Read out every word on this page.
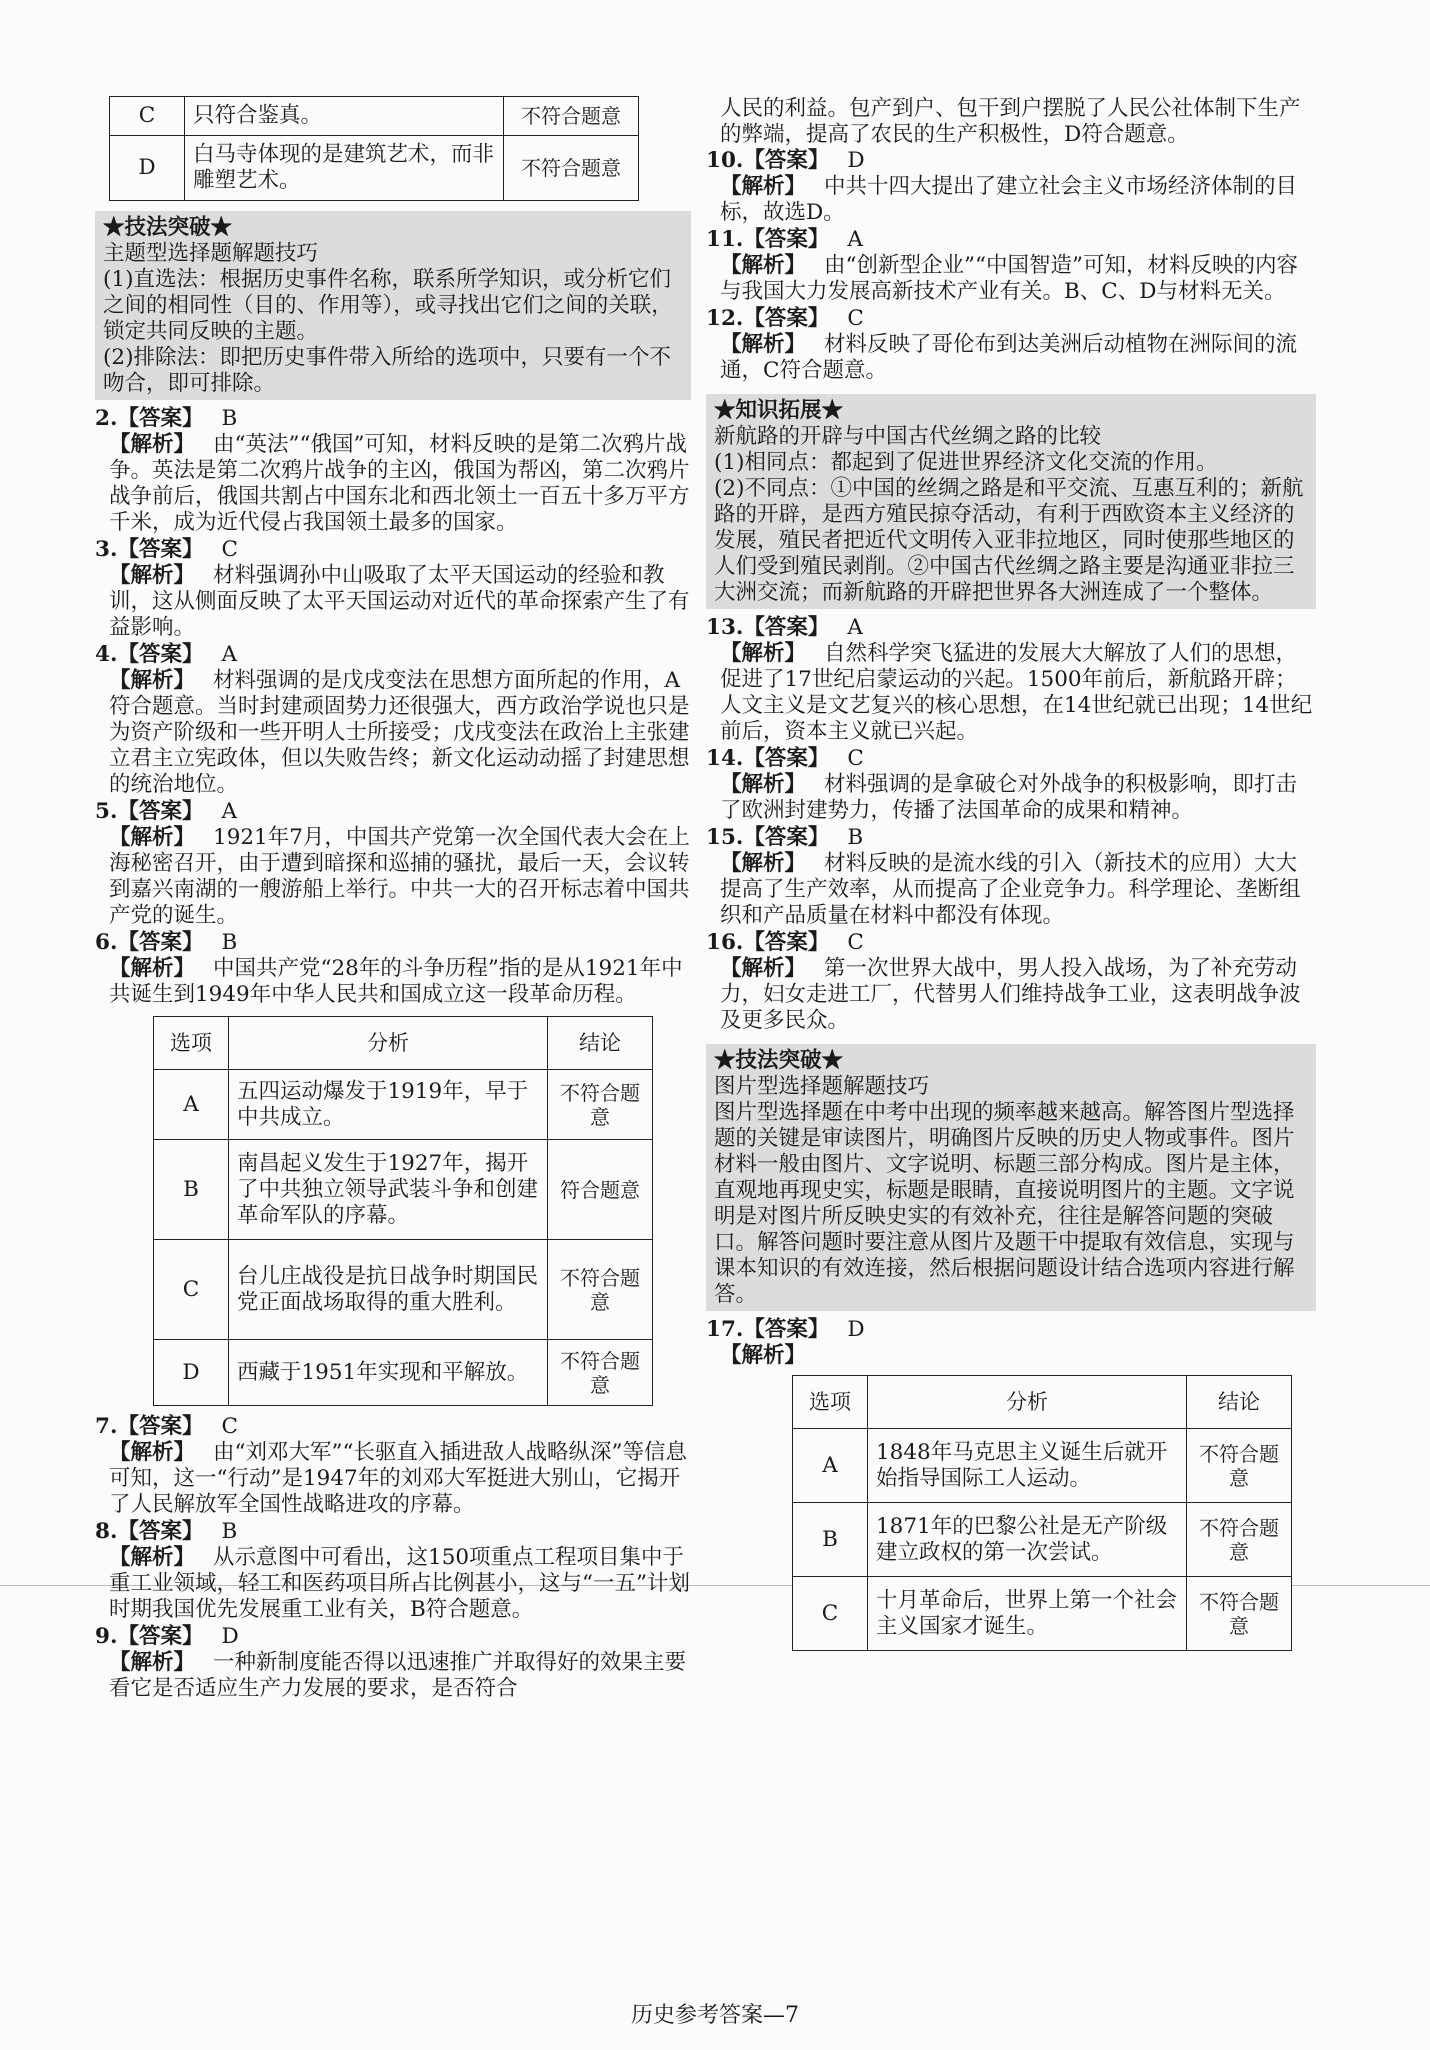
C	只符合鉴真。	不符合题意
D	白马寺体现的是建筑艺术，而非雕塑艺术。	不符合题意

★技法突破★

主题型选择题解题技巧

(1)直选法：根据历史事件名称，联系所学知识，或分析它们之间的相同性（目的、作用等），或寻找出它们之间的关联，锁定共同反映的主题。

(2)排除法：即把历史事件带入所给的选项中，只要有一个不吻合，即可排除。

2.【答案】 B

【解析】 由“英法”“俄国”可知，材料反映的是第二次鸦片战争。英法是第二次鸦片战争的主凶，俄国为帮凶，第二次鸦片战争前后，俄国共割占中国东北和西北领土一百五十多万平方千米，成为近代侵占我国领土最多的国家。

3.【答案】 C

【解析】 材料强调孙中山吸取了太平天国运动的经验和教训，这从侧面反映了太平天国运动对近代的革命探索产生了有益影响。

4.【答案】 A

【解析】 材料强调的是戊戌变法在思想方面所起的作用，A符合题意。当时封建顽固势力还很强大，西方政治学说也只是为资产阶级和一些开明人士所接受；戊戌变法在政治上主张建立君主立宪政体，但以失败告终；新文化运动动摇了封建思想的统治地位。

5.【答案】 A

【解析】 1921年7月，中国共产党第一次全国代表大会在上海秘密召开，由于遭到暗探和巡捕的骚扰，最后一天，会议转到嘉兴南湖的一艘游船上举行。中共一大的召开标志着中国共产党的诞生。

6.【答案】 B

【解析】 中国共产党“28年的斗争历程”指的是从1921年中共诞生到1949年中华人民共和国成立这一段革命历程。

选项	分析	结论
A	五四运动爆发于1919年，早于中共成立。	不符合题意
B	南昌起义发生于1927年，揭开了中共独立领导武装斗争和创建革命军队的序幕。	符合题意
C	台儿庄战役是抗日战争时期国民党正面战场取得的重大胜利。	不符合题意
D	西藏于1951年实现和平解放。	不符合题意

7.【答案】 C

【解析】 由“刘邓大军”“长驱直入插进敌人战略纵深”等信息可知，这一“行动”是1947年的刘邓大军挺进大别山，它揭开了人民解放军全国性战略进攻的序幕。

8.【答案】 B

【解析】 从示意图中可看出，这150项重点工程项目集中于重工业领域，轻工和医药项目所占比例甚小，这与“一五”计划时期我国优先发展重工业有关，B符合题意。

9.【答案】 D

【解析】 一种新制度能否得以迅速推广并取得好的效果主要看它是否适应生产力发展的要求，是否符合

人民的利益。包产到户、包干到户摆脱了人民公社体制下生产的弊端，提高了农民的生产积极性，D符合题意。

10.【答案】 D

【解析】 中共十四大提出了建立社会主义市场经济体制的目标，故选D。

11.【答案】 A

【解析】 由“创新型企业”“中国智造”可知，材料反映的内容与我国大力发展高新技术产业有关。B、C、D与材料无关。

12.【答案】 C

【解析】 材料反映了哥伦布到达美洲后动植物在洲际间的流通，C符合题意。

★知识拓展★

新航路的开辟与中国古代丝绸之路的比较

(1)相同点：都起到了促进世界经济文化交流的作用。

(2)不同点：①中国的丝绸之路是和平交流、互惠互利的；新航路的开辟，是西方殖民掠夺活动，有利于西欧资本主义经济的发展，殖民者把近代文明传入亚非拉地区，同时使那些地区的人们受到殖民剥削。②中国古代丝绸之路主要是沟通亚非拉三大洲交流；而新航路的开辟把世界各大洲连成了一个整体。

13.【答案】 A

【解析】 自然科学突飞猛进的发展大大解放了人们的思想，促进了17世纪启蒙运动的兴起。1500年前后，新航路开辟；人文主义是文艺复兴的核心思想，在14世纪就已出现；14世纪前后，资本主义就已兴起。

14.【答案】 C

【解析】 材料强调的是拿破仑对外战争的积极影响，即打击了欧洲封建势力，传播了法国革命的成果和精神。

15.【答案】 B

【解析】 材料反映的是流水线的引入（新技术的应用）大大提高了生产效率，从而提高了企业竞争力。科学理论、垄断组织和产品质量在材料中都没有体现。

16.【答案】 C

【解析】 第一次世界大战中，男人投入战场，为了补充劳动力，妇女走进工厂，代替男人们维持战争工业，这表明战争波及更多民众。

★技法突破★

图片型选择题解题技巧

图片型选择题在中考中出现的频率越来越高。解答图片型选择题的关键是审读图片，明确图片反映的历史人物或事件。图片材料一般由图片、文字说明、标题三部分构成。图片是主体，直观地再现史实，标题是眼睛，直接说明图片的主题。文字说明是对图片所反映史实的有效补充，往往是解答问题的突破口。解答问题时要注意从图片及题干中提取有效信息，实现与课本知识的有效连接，然后根据问题设计结合选项内容进行解答。

17.【答案】 D

【解析】

选项	分析	结论
A	1848年马克思主义诞生后就开始指导国际工人运动。	不符合题意
B	1871年的巴黎公社是无产阶级建立政权的第一次尝试。	不符合题意
C	十月革命后，世界上第一个社会主义国家才诞生。	不符合题意
历史参考答案—7
